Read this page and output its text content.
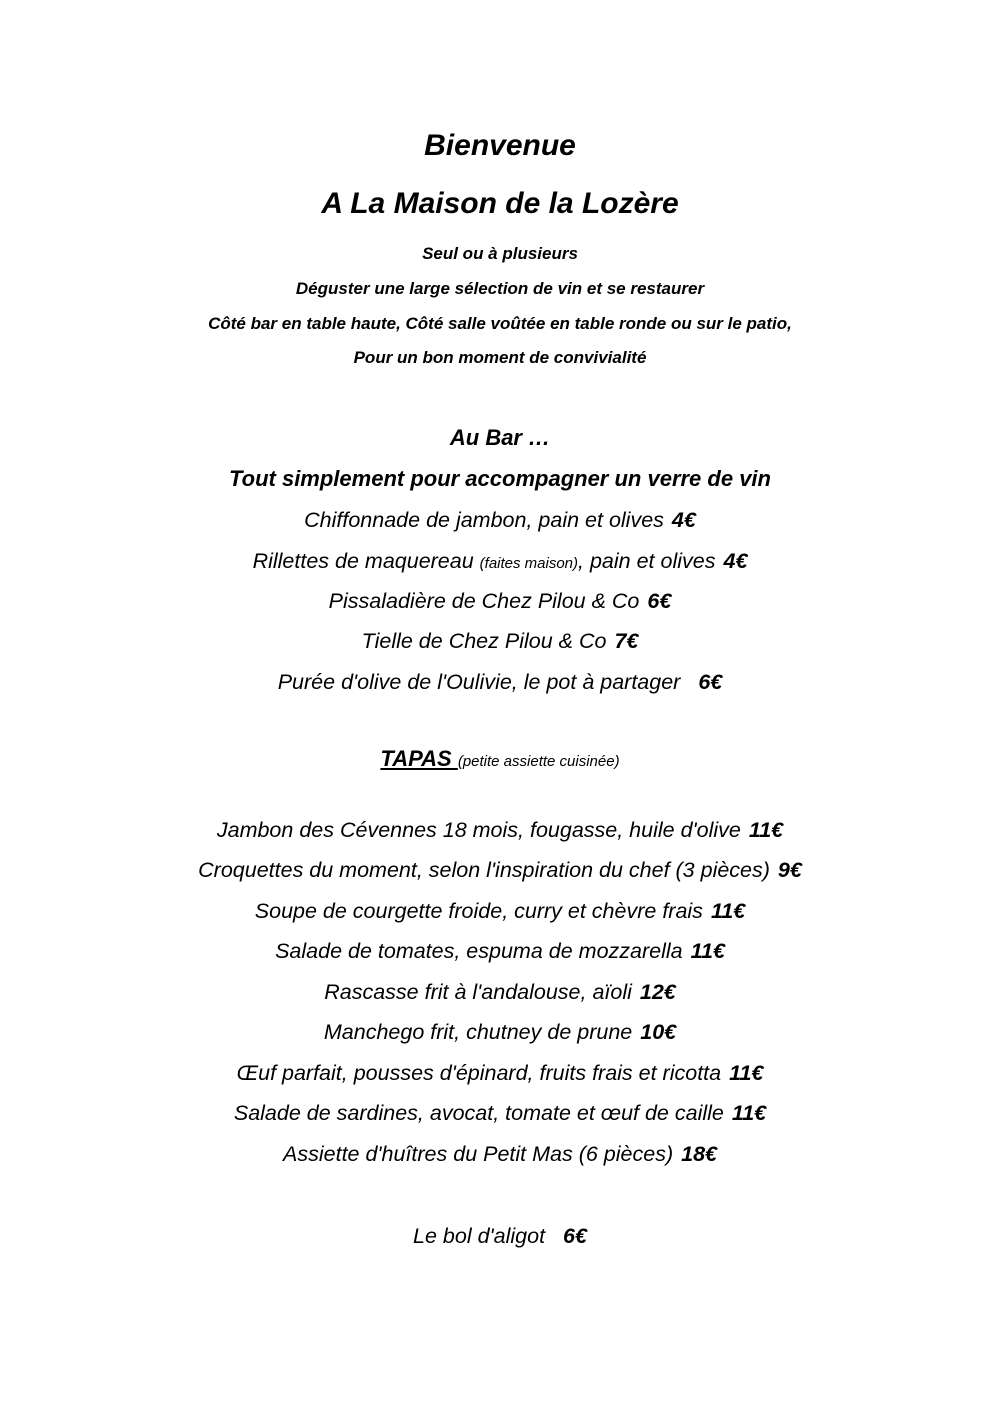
Bienvenue
A La Maison de la Lozère
Seul ou à plusieurs
Déguster une large sélection de vin et se restaurer
Côté bar en table haute, Côté salle voûtée en table ronde ou sur le patio,
Pour un bon moment de convivialité
Au Bar …
Tout simplement pour accompagner un verre de vin
Chiffonnade de jambon, pain et olives 4€
Rillettes de maquereau (faites maison), pain et olives 4€
Pissaladière de Chez Pilou & Co 6€
Tielle de Chez Pilou & Co 7€
Purée d'olive de l'Oulivie, le pot à partager 6€
TAPAS (petite assiette cuisinée)
Jambon des Cévennes 18 mois, fougasse, huile d'olive 11€
Croquettes du moment, selon l'inspiration du chef (3 pièces) 9€
Soupe de courgette froide, curry et chèvre frais 11€
Salade de tomates, espuma de mozzarella 11€
Rascasse frit à l'andalouse, aïoli 12€
Manchego frit, chutney de prune 10€
Œuf parfait, pousses d'épinard, fruits frais et ricotta 11€
Salade de sardines, avocat, tomate et œuf de caille 11€
Assiette d'huîtres du Petit Mas (6 pièces) 18€
Le bol d'aligot 6€
